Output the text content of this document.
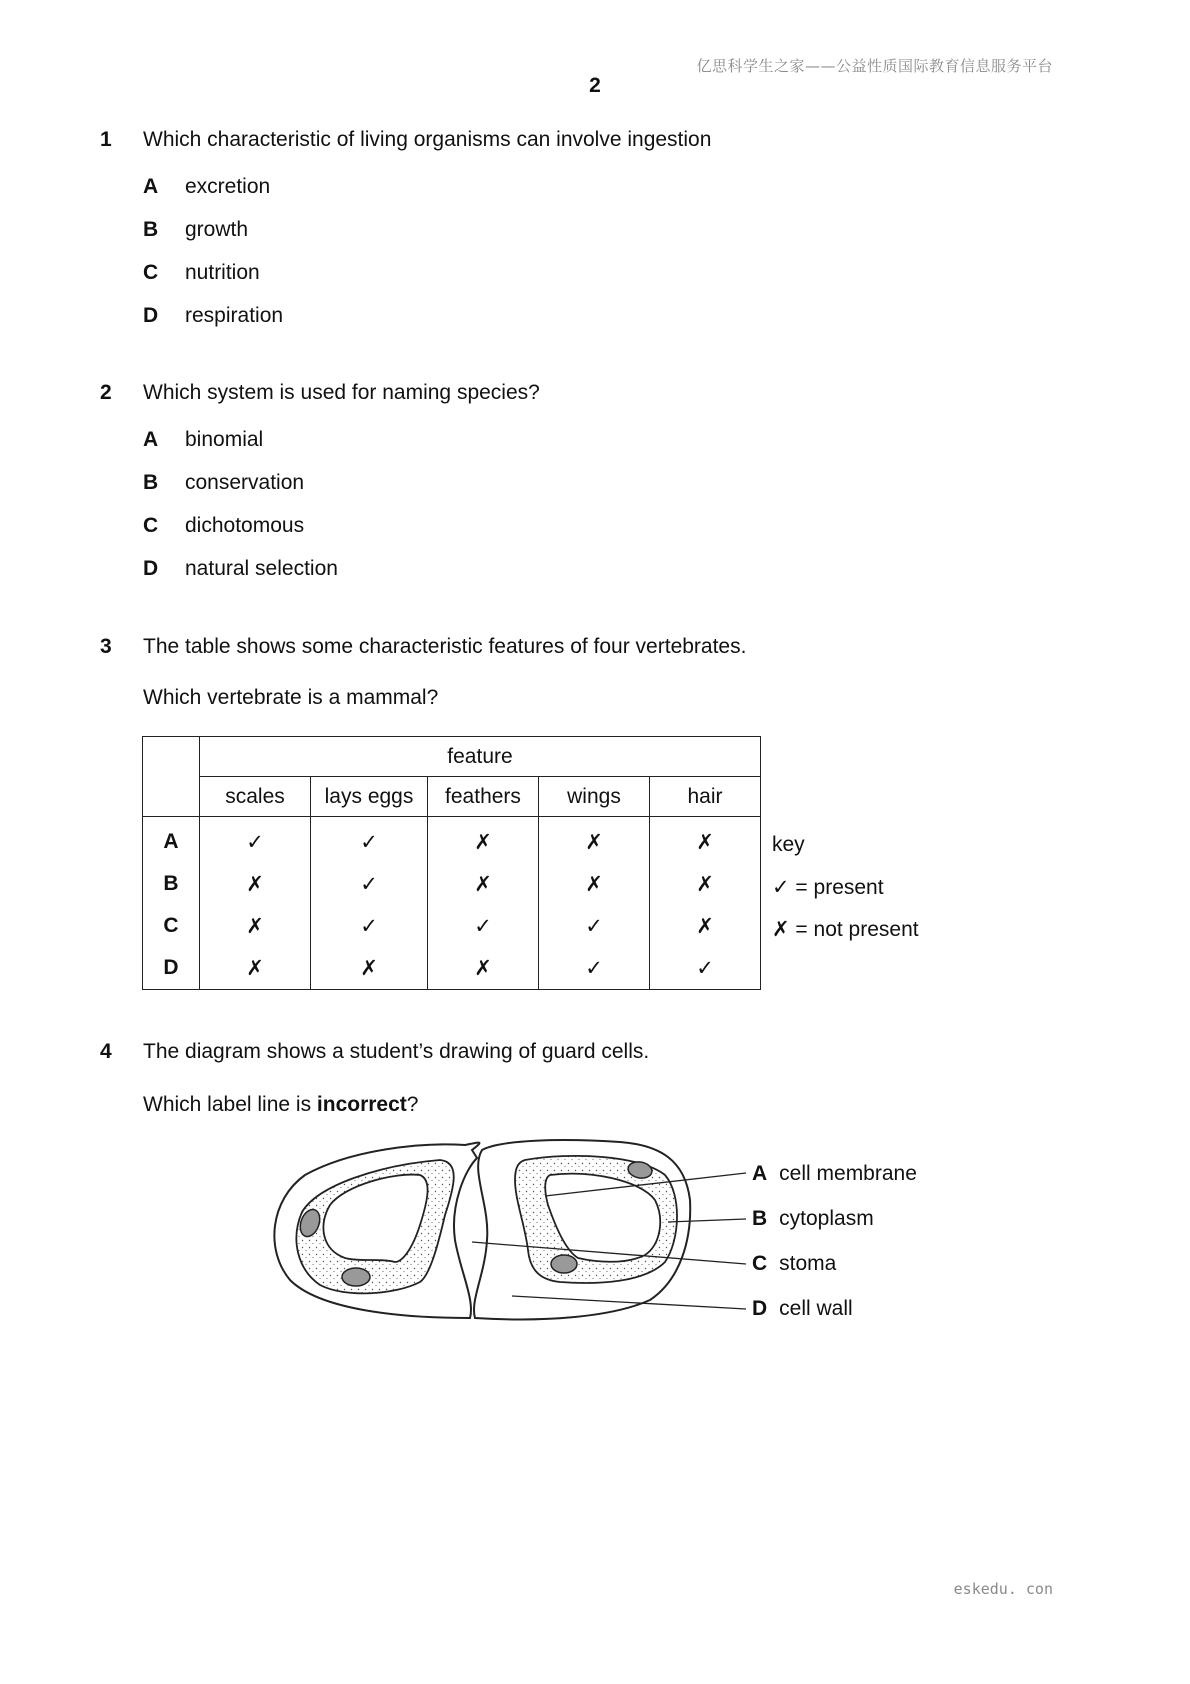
亿思科学生之家——公益性质国际教育信息服务平台
2
1 Which characteristic of living organisms can involve ingestion
A excretion
B growth
C nutrition
D respiration
2 Which system is used for naming species?
A binomial
B conservation
C dichotomous
D natural selection
3 The table shows some characteristic features of four vertebrates.
Which vertebrate is a mammal?
	feature				
	scales	lays eggs	feathers	wings	hair
A	✓	✓	✗	✗	✗
B	✗	✓	✗	✗	✗
C	✗	✓	✓	✓	✗
D	✗	✗	✗	✓	✓
key
✓ = present
✗ = not present
4 The diagram shows a student’s drawing of guard cells.
Which label line is incorrect?
A cell membrane
B cytoplasm
C stoma
D cell wall
eskedu. con
